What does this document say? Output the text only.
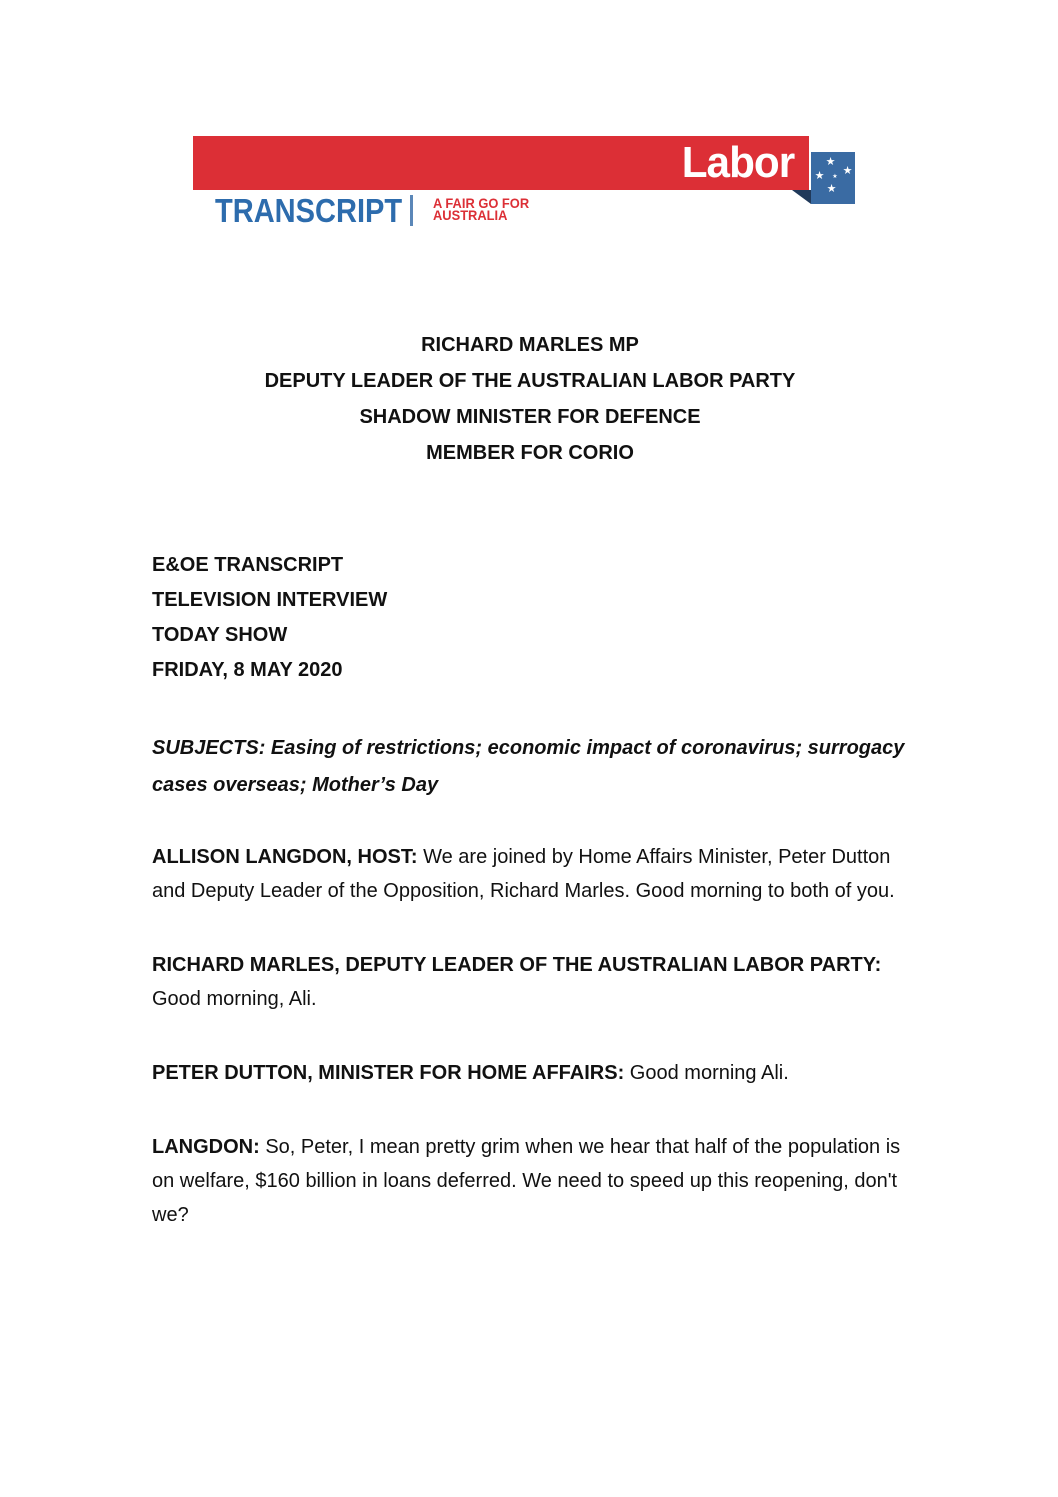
Labor	★
★ ★
★
★
TRANSCRIPT A FAIR GO FOR
AUSTRALIA
RICHARD MARLES MP
DEPUTY LEADER OF THE AUSTRALIAN LABOR PARTY
SHADOW MINISTER FOR DEFENCE
MEMBER FOR CORIO
E&OE TRANSCRIPT
TELEVISION INTERVIEW
TODAY SHOW
FRIDAY, 8 MAY 2020

SUBJECTS: Easing of restrictions; economic impact of coronavirus; surrogacy cases overseas; Mother’s Day

ALLISON LANGDON, HOST: We are joined by Home Affairs Minister, Peter Dutton and Deputy Leader of the Opposition, Richard Marles. Good morning to both of you.

RICHARD MARLES, DEPUTY LEADER OF THE AUSTRALIAN LABOR PARTY: Good morning, Ali.

PETER DUTTON, MINISTER FOR HOME AFFAIRS: Good morning Ali.

LANGDON: So, Peter, I mean pretty grim when we hear that half of the population is on welfare, $160 billion in loans deferred. We need to speed up this reopening, don't we?
